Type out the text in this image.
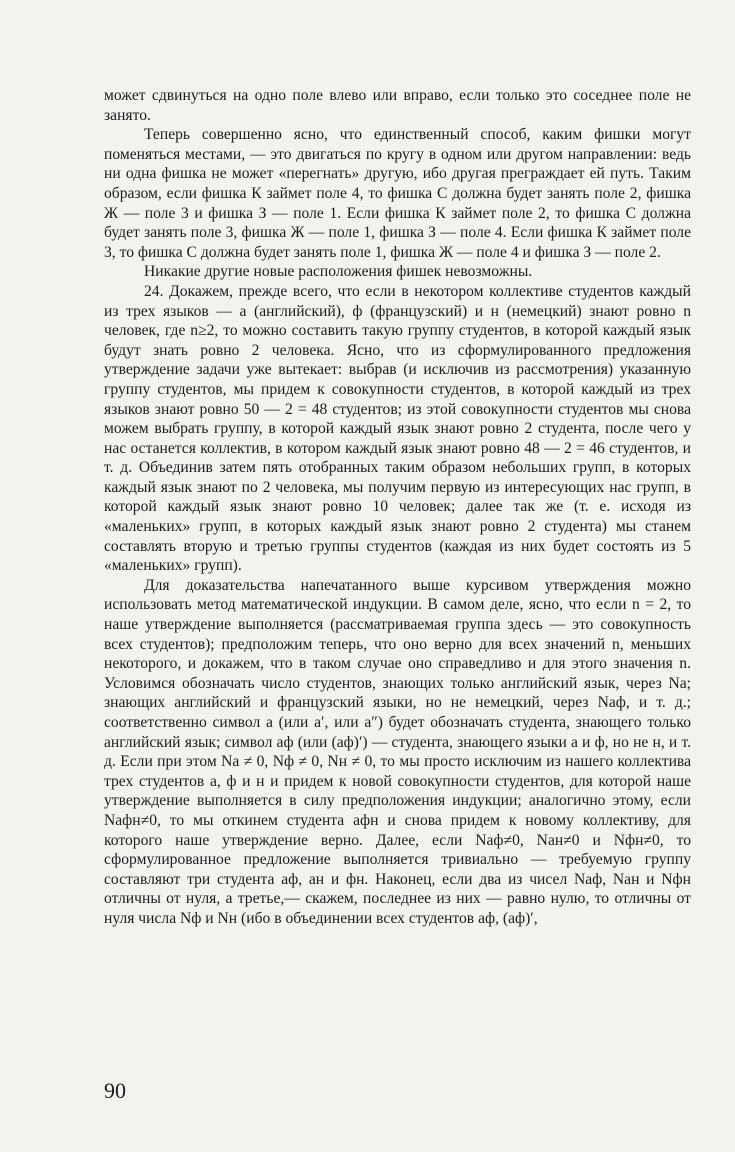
может сдвинуться на одно поле влево или вправо, если только это соседнее поле не занято.

Теперь совершенно ясно, что единственный способ, каким фишки могут поменяться местами, — это двигаться по кругу в одном или другом направлении: ведь ни одна фишка не может «перегнать» другую, ибо другая преграждает ей путь. Таким образом, если фишка К займет поле 4, то фишка С должна будет занять поле 2, фишка Ж — поле 3 и фишка З — поле 1. Если фишка К займет поле 2, то фишка С должна будет занять поле 3, фишка Ж — поле 1, фишка З — поле 4. Если фишка К займет поле 3, то фишка С должна будет занять поле 1, фишка Ж — поле 4 и фишка З — поле 2.

Никакие другие новые расположения фишек невозможны.

24. Докажем, прежде всего, что если в некотором коллективе студентов каждый из трех языков — а (английский), ф (французский) и н (немецкий) знают ровно n человек, где n≥2, то можно составить такую группу студентов, в которой каждый язык будут знать ровно 2 человека. Ясно, что из сформулированного предложения утверждение задачи уже вытекает: выбрав (и исключив из рассмотрения) указанную группу студентов, мы придем к совокупности студентов, в которой каждый из трех языков знают ровно 50 — 2 = 48 студентов; из этой совокупности студентов мы снова можем выбрать группу, в которой каждый язык знают ровно 2 студента, после чего у нас останется коллектив, в котором каждый язык знают ровно 48 — 2 = 46 студентов, и т. д. Объединив затем пять отобранных таким образом небольших групп, в которых каждый язык знают по 2 человека, мы получим первую из интересующих нас групп, в которой каждый язык знают ровно 10 человек; далее так же (т. е. исходя из «маленьких» групп, в которых каждый язык знают ровно 2 студента) мы станем составлять вторую и третью группы студентов (каждая из них будет состоять из 5 «маленьких» групп).

Для доказательства напечатанного выше курсивом утверждения можно использовать метод математической индукции. В самом деле, ясно, что если n = 2, то наше утверждение выполняется (рассматриваемая группа здесь — это совокупность всех студентов); предположим теперь, что оно верно для всех значений n, меньших некоторого, и докажем, что в таком случае оно справедливо и для этого значения n. Условимся обозначать число студентов, знающих только английский язык, через Nа; знающих английский и французский языки, но не немецкий, через Nаф, и т. д.; соответственно символ а (или а′, или а″) будет обозначать студента, знающего только английский язык; символ аф (или (аф)′) — студента, знающего языки а и ф, но не н, и т. д. Если при этом Nа ≠ 0, Nф ≠ 0, Nн ≠ 0, то мы просто исключим из нашего коллектива трех студентов а, ф и н и придем к новой совокупности студентов, для которой наше утверждение выполняется в силу предположения индукции; аналогично этому, если Nафн≠0, то мы откинем студента афн и снова придем к новому коллективу, для которого наше утверждение верно. Далее, если Nаф≠0, Nан≠0 и Nфн≠0, то сформулированное предложение выполняется тривиально — требуемую группу составляют три студента аф, ан и фн. Наконец, если два из чисел Nаф, Nан и Nфн отличны от нуля, а третье,— скажем, последнее из них — равно нулю, то отличны от нуля числа Nф и Nн (ибо в объединении всех студентов аф, (аф)′,

90
